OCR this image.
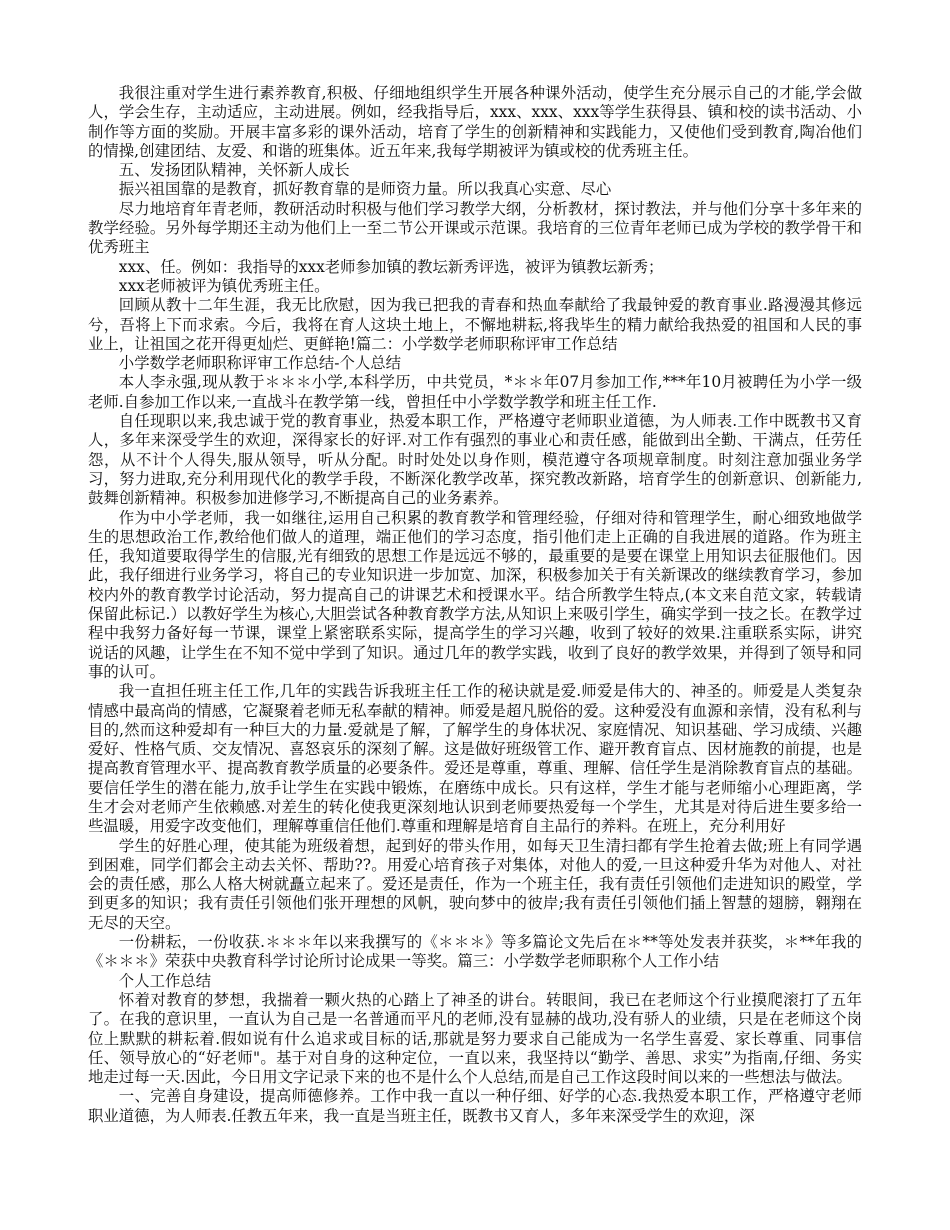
我很注重对学生进行素养教育,积极、仔细地组织学生开展各种课外活动，使学生充分展示自己的才能,学会做人，学会生存，主动适应，主动进展。例如，经我指导后，xxx、xxx、xxx等学生获得县、镇和校的读书活动、小制作等方面的奖励。开展丰富多彩的课外活动，培育了学生的创新精神和实践能力，又使他们受到教育,陶冶他们的情操,创建团结、友爱、和谐的班集体。近五年来,我每学期被评为镇或校的优秀班主任。

五、发扬团队精神，关怀新人成长

振兴祖国靠的是教育，抓好教育靠的是师资力量。所以我真心实意、尽心

尽力地培育年青老师，教研活动时积极与他们学习教学大纲，分析教材，探讨教法，并与他们分享十多年来的教学经验。另外每学期还主动为他们上一至二节公开课或示范课。我培育的三位青年老师已成为学校的教学骨干和优秀班主

xxx、任。例如：我指导的xxx老师参加镇的教坛新秀评选，被评为镇教坛新秀；

xxx老师被评为镇优秀班主任。

回顾从教十二年生涯，我无比欣慰，因为我已把我的青春和热血奉献给了我最钟爱的教育事业.路漫漫其修远兮，吾将上下而求索。今后，我将在育人这块土地上，不懈地耕耘,将我毕生的精力献给我热爱的祖国和人民的事业上，让祖国之花开得更灿烂、更鲜艳!篇二：小学数学老师职称评审工作总结

小学数学老师职称评审工作总结-个人总结

本人李永强,现从教于＊＊＊小学,本科学历，中共党员，*＊＊年07月参加工作,***年10月被聘任为小学一级老师.自参加工作以来,一直战斗在教学第一线，曾担任中小学数学教学和班主任工作.

自任现职以来,我忠诚于党的教育事业，热爱本职工作，严格遵守老师职业道德，为人师表.工作中既教书又育人，多年来深受学生的欢迎，深得家长的好评.对工作有强烈的事业心和责任感，能做到出全勤、干满点，任劳任怨，从不计个人得失,服从领导，听从分配。时时处处以身作则，模范遵守各项规章制度。时刻注意加强业务学习，努力进取,充分利用现代化的教学手段，不断深化教学改革，探究教改新路，培育学生的创新意识、创新能力,鼓舞创新精神。积极参加进修学习,不断提高自己的业务素养。

作为中小学老师，我一如继往,运用自己积累的教育教学和管理经验，仔细对待和管理学生，耐心细致地做学生的思想政治工作,教给他们做人的道理，端正他们的学习态度，指引他们走上正确的自我进展的道路。作为班主任，我知道要取得学生的信服,光有细致的思想工作是远远不够的，最重要的是要在课堂上用知识去征服他们。因此，我仔细进行业务学习，将自己的专业知识进一步加宽、加深，积极参加关于有关新课改的继续教育学习，参加校内外的教育教学讨论活动，努力提高自己的讲课艺术和授课水平。结合所教学生特点,(本文来自范文家，转载请保留此标记.）以教好学生为核心,大胆尝试各种教育教学方法,从知识上来吸引学生，确实学到一技之长。在教学过程中我努力备好每一节课，课堂上紧密联系实际，提高学生的学习兴趣，收到了较好的效果.注重联系实际，讲究说话的风趣，让学生在不知不觉中学到了知识。通过几年的教学实践，收到了良好的教学效果，并得到了领导和同事的认可。

我一直担任班主任工作,几年的实践告诉我班主任工作的秘诀就是爱.师爱是伟大的、神圣的。师爱是人类复杂情感中最高尚的情感，它凝聚着老师无私奉献的精神。师爱是超凡脱俗的爱。这种爱没有血源和亲情，没有私利与目的,然而这种爱却有一种巨大的力量.爱就是了解，了解学生的身体状况、家庭情况、知识基础、学习成绩、兴趣爱好、性格气质、交友情况、喜怒哀乐的深刻了解。这是做好班级管工作、避开教育盲点、因材施教的前提，也是提高教育管理水平、提高教育教学质量的必要条件。爱还是尊重，尊重、理解、信任学生是消除教育盲点的基础。要信任学生的潜在能力,放手让学生在实践中锻炼，在磨练中成长。只有这样，学生才能与老师缩小心理距离，学生才会对老师产生依赖感.对差生的转化使我更深刻地认识到老师要热爱每一个学生，尤其是对待后进生要多给一些温暖，用爱字改变他们，理解尊重信任他们.尊重和理解是培育自主品行的养料。在班上，充分利用好

学生的好胜心理，使其能为班级着想，起到好的带头作用，如每天卫生清扫都有学生抢着去做;班上有同学遇到困难，同学们都会主动去关怀、帮助??。用爱心培育孩子对集体，对他人的爱,一旦这种爱升华为对他人、对社会的责任感，那么人格大树就矗立起来了。爱还是责任，作为一个班主任，我有责任引领他们走进知识的殿堂，学到更多的知识；我有责任引领他们张开理想的风帆，驶向梦中的彼岸;我有责任引领他们插上智慧的翅膀，翱翔在无尽的天空。

一份耕耘，一份收获.＊＊＊年以来我撰写的《＊＊＊》等多篇论文先后在＊**等处发表并获奖，＊**年我的《＊＊＊》荣获中央教育科学讨论所讨论成果一等奖。篇三：小学数学老师职称个人工作小结

个人工作总结

怀着对教育的梦想，我揣着一颗火热的心踏上了神圣的讲台。转眼间，我已在老师这个行业摸爬滚打了五年了。在我的意识里，一直认为自己是一名普通而平凡的老师,没有显赫的战功,没有骄人的业绩，只是在老师这个岗位上默默的耕耘着.假如说有什么追求或目标的话,那就是努力要求自己能成为一名学生喜爱、家长尊重、同事信任、领导放心的“好老师"。基于对自身的这种定位，一直以来，我坚持以“勤学、善思、求实”为指南,仔细、务实地走过每一天.因此，今日用文字记录下来的也不是什么个人总结,而是自己工作这段时间以来的一些想法与做法。

一、完善自身建设，提高师德修养。工作中我一直以一种仔细、好学的心态.我热爱本职工作，严格遵守老师职业道德，为人师表.任教五年来，我一直是当班主任，既教书又育人，多年来深受学生的欢迎，深
